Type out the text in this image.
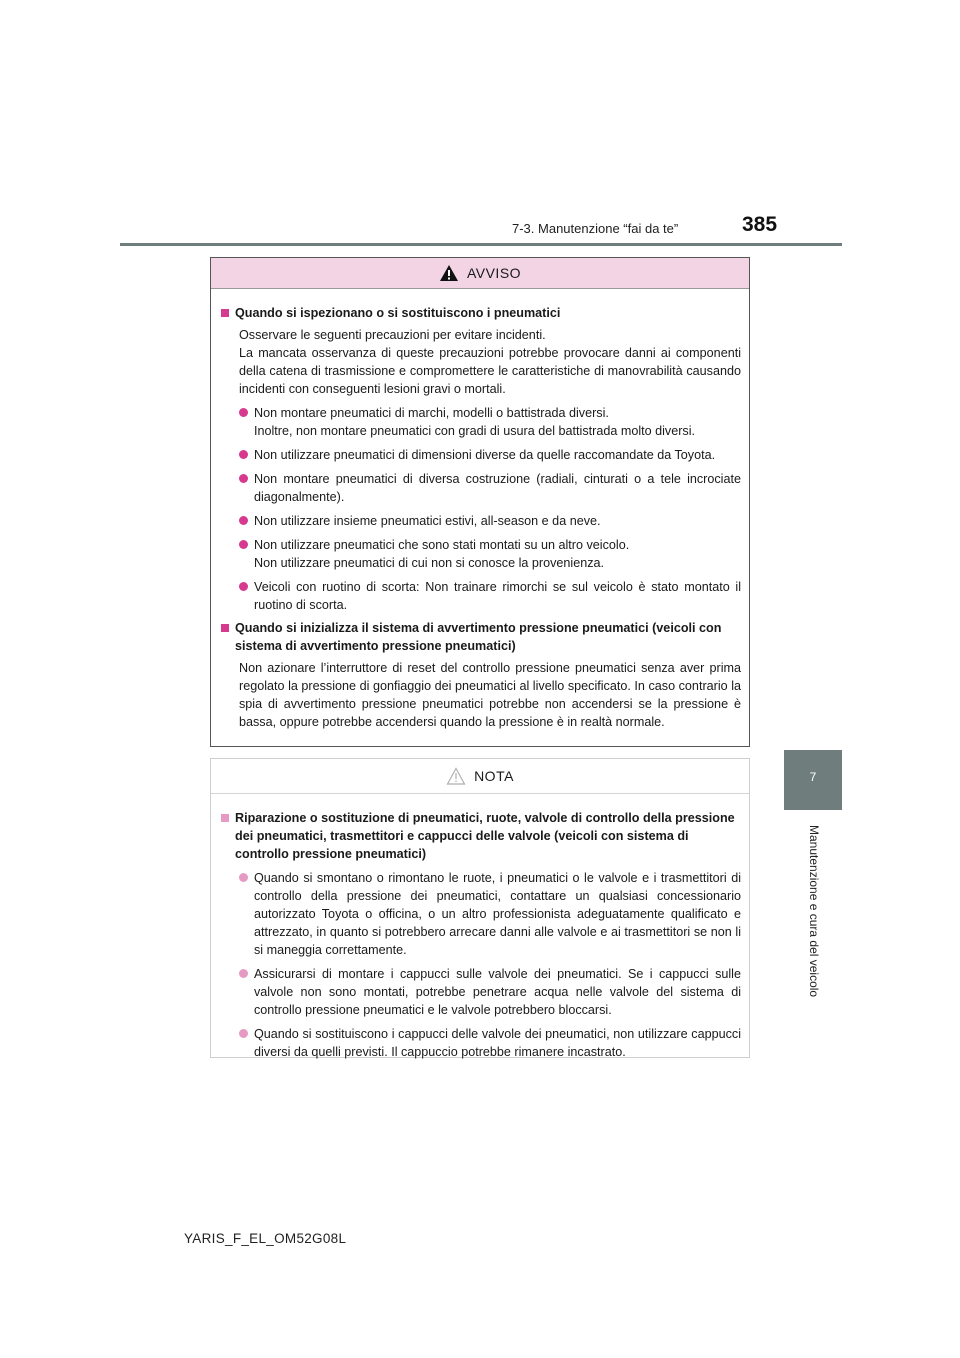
7-3. Manutenzione “fai da te”	385
7
Manutenzione e cura del veicolo
AVVISO
Quando si ispezionano o si sostituiscono i pneumatici
Osservare le seguenti precauzioni per evitare incidenti.
La mancata osservanza di queste precauzioni potrebbe provocare danni ai componenti della catena di trasmissione e compromettere le caratteristiche di manovrabilità causando incidenti con conseguenti lesioni gravi o mortali.
Non montare pneumatici di marchi, modelli o battistrada diversi.
Inoltre, non montare pneumatici con gradi di usura del battistrada molto diversi.
Non utilizzare pneumatici di dimensioni diverse da quelle raccomandate da Toyota.
Non montare pneumatici di diversa costruzione (radiali, cinturati o a tele incrociate diagonalmente).
Non utilizzare insieme pneumatici estivi, all-season e da neve.
Non utilizzare pneumatici che sono stati montati su un altro veicolo.
Non utilizzare pneumatici di cui non si conosce la provenienza.
Veicoli con ruotino di scorta: Non trainare rimorchi se sul veicolo è stato montato il ruotino di scorta.
Quando si inizializza il sistema di avvertimento pressione pneumatici (veicoli con sistema di avvertimento pressione pneumatici)
Non azionare l’interruttore di reset del controllo pressione pneumatici senza aver prima regolato la pressione di gonfiaggio dei pneumatici al livello specificato. In caso contrario la spia di avvertimento pressione pneumatici potrebbe non accendersi se la pressione è bassa, oppure potrebbe accendersi quando la pressione è in realtà normale.
NOTA
Riparazione o sostituzione di pneumatici, ruote, valvole di controllo della pressione dei pneumatici, trasmettitori e cappucci delle valvole (veicoli con sistema di controllo pressione pneumatici)
Quando si smontano o rimontano le ruote, i pneumatici o le valvole e i trasmettitori di controllo della pressione dei pneumatici, contattare un qualsiasi concessionario autorizzato Toyota o officina, o un altro professionista adeguatamente qualificato e attrezzato, in quanto si potrebbero arrecare danni alle valvole e ai trasmettitori se non li si maneggia correttamente.
Assicurarsi di montare i cappucci sulle valvole dei pneumatici. Se i cappucci sulle valvole non sono montati, potrebbe penetrare acqua nelle valvole del sistema di controllo pressione pneumatici e le valvole potrebbero bloccarsi.
Quando si sostituiscono i cappucci delle valvole dei pneumatici, non utilizzare cappucci diversi da quelli previsti. Il cappuccio potrebbe rimanere incastrato.
YARIS_F_EL_OM52G08L
